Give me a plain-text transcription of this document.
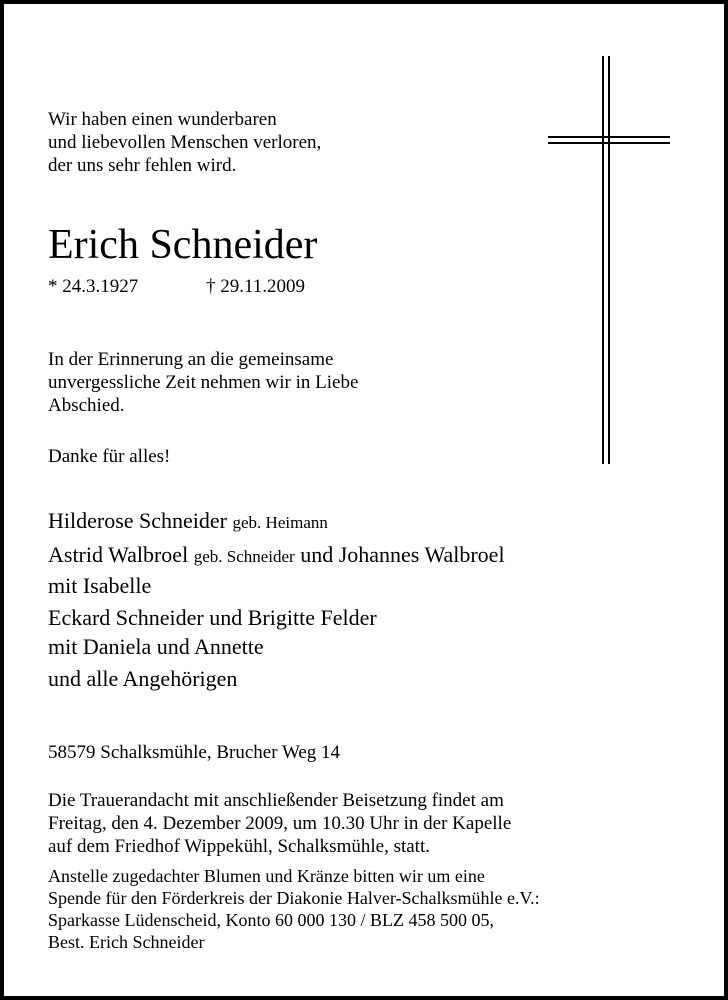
Wir haben einen wunderbaren
und liebevollen Menschen verloren,
der uns sehr fehlen wird.
Erich Schneider
* 24.3.1927	† 29.11.2009
In der Erinnerung an die gemeinsame
unvergessliche Zeit nehmen wir in Liebe
Abschied.
Danke für alles!
Hilderose Schneider geb. Heimann
Astrid Walbroel geb. Schneider und Johannes Walbroel
mit Isabelle
Eckard Schneider und Brigitte Felder
mit Daniela und Annette
und alle Angehörigen
58579 Schalksmühle, Brucher Weg 14
Die Trauerandacht mit anschließender Beisetzung findet am
Freitag, den 4. Dezember 2009, um 10.30 Uhr in der Kapelle
auf dem Friedhof Wippekühl, Schalksmühle, statt.
Anstelle zugedachter Blumen und Kränze bitten wir um eine
Spende für den Förderkreis der Diakonie Halver-Schalksmühle e.V.:
Sparkasse Lüdenscheid, Konto 60 000 130 / BLZ 458 500 05,
Best. Erich Schneider
